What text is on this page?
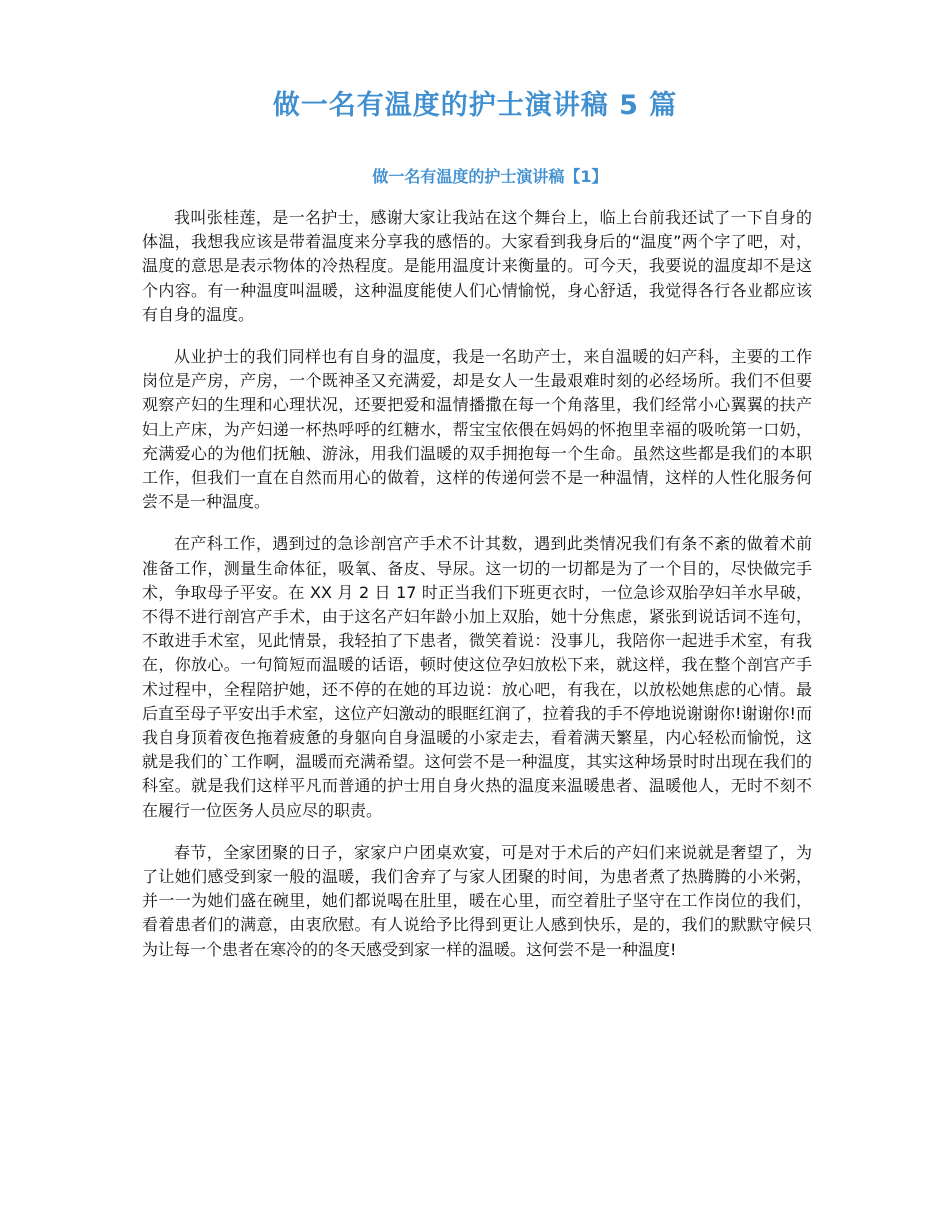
做一名有温度的护士演讲稿 5 篇
做一名有温度的护士演讲稿【1】

我叫张桂莲，是一名护士，感谢大家让我站在这个舞台上，临上台前我还试了一下自身的体温，我想我应该是带着温度来分享我的感悟的。大家看到我身后的“温度”两个字了吧，对，温度的意思是表示物体的冷热程度。是能用温度计来衡量的。可今天，我要说的温度却不是这个内容。有一种温度叫温暖，这种温度能使人们心情愉悦，身心舒适，我觉得各行各业都应该有自身的温度。

从业护士的我们同样也有自身的温度，我是一名助产士，来自温暖的妇产科，主要的工作岗位是产房，产房，一个既神圣又充满爱，却是女人一生最艰难时刻的必经场所。我们不但要观察产妇的生理和心理状况，还要把爱和温情播撒在每一个角落里，我们经常小心翼翼的扶产妇上产床，为产妇递一杯热呼呼的红糖水，帮宝宝依偎在妈妈的怀抱里幸福的吸吮第一口奶，充满爱心的为他们抚触、游泳，用我们温暖的双手拥抱每一个生命。虽然这些都是我们的本职工作，但我们一直在自然而用心的做着，这样的传递何尝不是一种温情，这样的人性化服务何尝不是一种温度。

在产科工作，遇到过的急诊剖宫产手术不计其数，遇到此类情况我们有条不紊的做着术前准备工作，测量生命体征，吸氧、备皮、导尿。这一切的一切都是为了一个目的，尽快做完手术，争取母子平安。在 XX 月 2 日 17 时正当我们下班更衣时，一位急诊双胎孕妇羊水早破，不得不进行剖宫产手术，由于这名产妇年龄小加上双胎，她十分焦虑，紧张到说话词不连句，不敢进手术室，见此情景，我轻拍了下患者，微笑着说：没事儿，我陪你一起进手术室，有我在，你放心。一句简短而温暖的话语，顿时使这位孕妇放松下来，就这样，我在整个剖宫产手术过程中，全程陪护她，还不停的在她的耳边说：放心吧，有我在，以放松她焦虑的心情。最后直至母子平安出手术室，这位产妇激动的眼眶红润了，拉着我的手不停地说谢谢你!谢谢你!而我自身顶着夜色拖着疲惫的身躯向自身温暖的小家走去，看着满天繁星，内心轻松而愉悦，这就是我们的`工作啊，温暖而充满希望。这何尝不是一种温度，其实这种场景时时出现在我们的科室。就是我们这样平凡而普通的护士用自身火热的温度来温暖患者、温暖他人，无时不刻不在履行一位医务人员应尽的职责。

春节，全家团聚的日子，家家户户团桌欢宴，可是对于术后的产妇们来说就是奢望了，为了让她们感受到家一般的温暖，我们舍弃了与家人团聚的时间，为患者煮了热腾腾的小米粥，并一一为她们盛在碗里，她们都说喝在肚里，暖在心里，而空着肚子坚守在工作岗位的我们，看着患者们的满意，由衷欣慰。有人说给予比得到更让人感到快乐，是的，我们的默默守候只为让每一个患者在寒冷的的冬天感受到家一样的温暖。这何尝不是一种温度!
